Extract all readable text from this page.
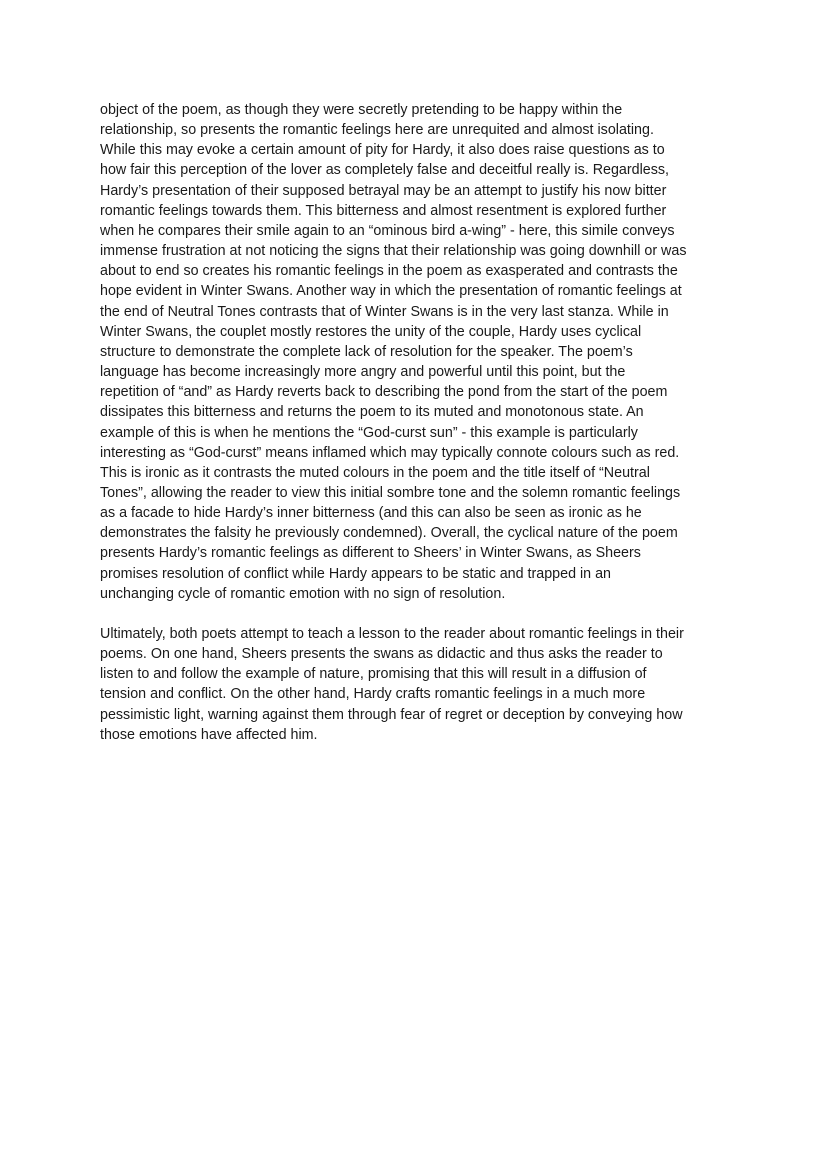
object of the poem, as though they were secretly pretending to be happy within the
relationship, so presents the romantic feelings here are unrequited and almost isolating.
While this may evoke a certain amount of pity for Hardy, it also does raise questions as to
how fair this perception of the lover as completely false and deceitful really is. Regardless,
Hardy’s presentation of their supposed betrayal may be an attempt to justify his now bitter
romantic feelings towards them. This bitterness and almost resentment is explored further
when he compares their smile again to an “ominous bird a-wing” - here, this simile conveys
immense frustration at not noticing the signs that their relationship was going downhill or was
about to end so creates his romantic feelings in the poem as exasperated and contrasts the
hope evident in Winter Swans. Another way in which the presentation of romantic feelings at
the end of Neutral Tones contrasts that of Winter Swans is in the very last stanza. While in
Winter Swans, the couplet mostly restores the unity of the couple, Hardy uses cyclical
structure to demonstrate the complete lack of resolution for the speaker. The poem’s
language has become increasingly more angry and powerful until this point, but the
repetition of “and” as Hardy reverts back to describing the pond from the start of the poem
dissipates this bitterness and returns the poem to its muted and monotonous state. An
example of this is when he mentions the “God-curst sun” - this example is particularly
interesting as “God-curst” means inflamed which may typically connote colours such as red.
This is ironic as it contrasts the muted colours in the poem and the title itself of “Neutral
Tones”, allowing the reader to view this initial sombre tone and the solemn romantic feelings
as a facade to hide Hardy’s inner bitterness (and this can also be seen as ironic as he
demonstrates the falsity he previously condemned). Overall, the cyclical nature of the poem
presents Hardy’s romantic feelings as different to Sheers’ in Winter Swans, as Sheers
promises resolution of conflict while Hardy appears to be static and trapped in an
unchanging cycle of romantic emotion with no sign of resolution.

Ultimately, both poets attempt to teach a lesson to the reader about romantic feelings in their
poems. On one hand, Sheers presents the swans as didactic and thus asks the reader to
listen to and follow the example of nature, promising that this will result in a diffusion of
tension and conflict. On the other hand, Hardy crafts romantic feelings in a much more
pessimistic light, warning against them through fear of regret or deception by conveying how
those emotions have affected him.
